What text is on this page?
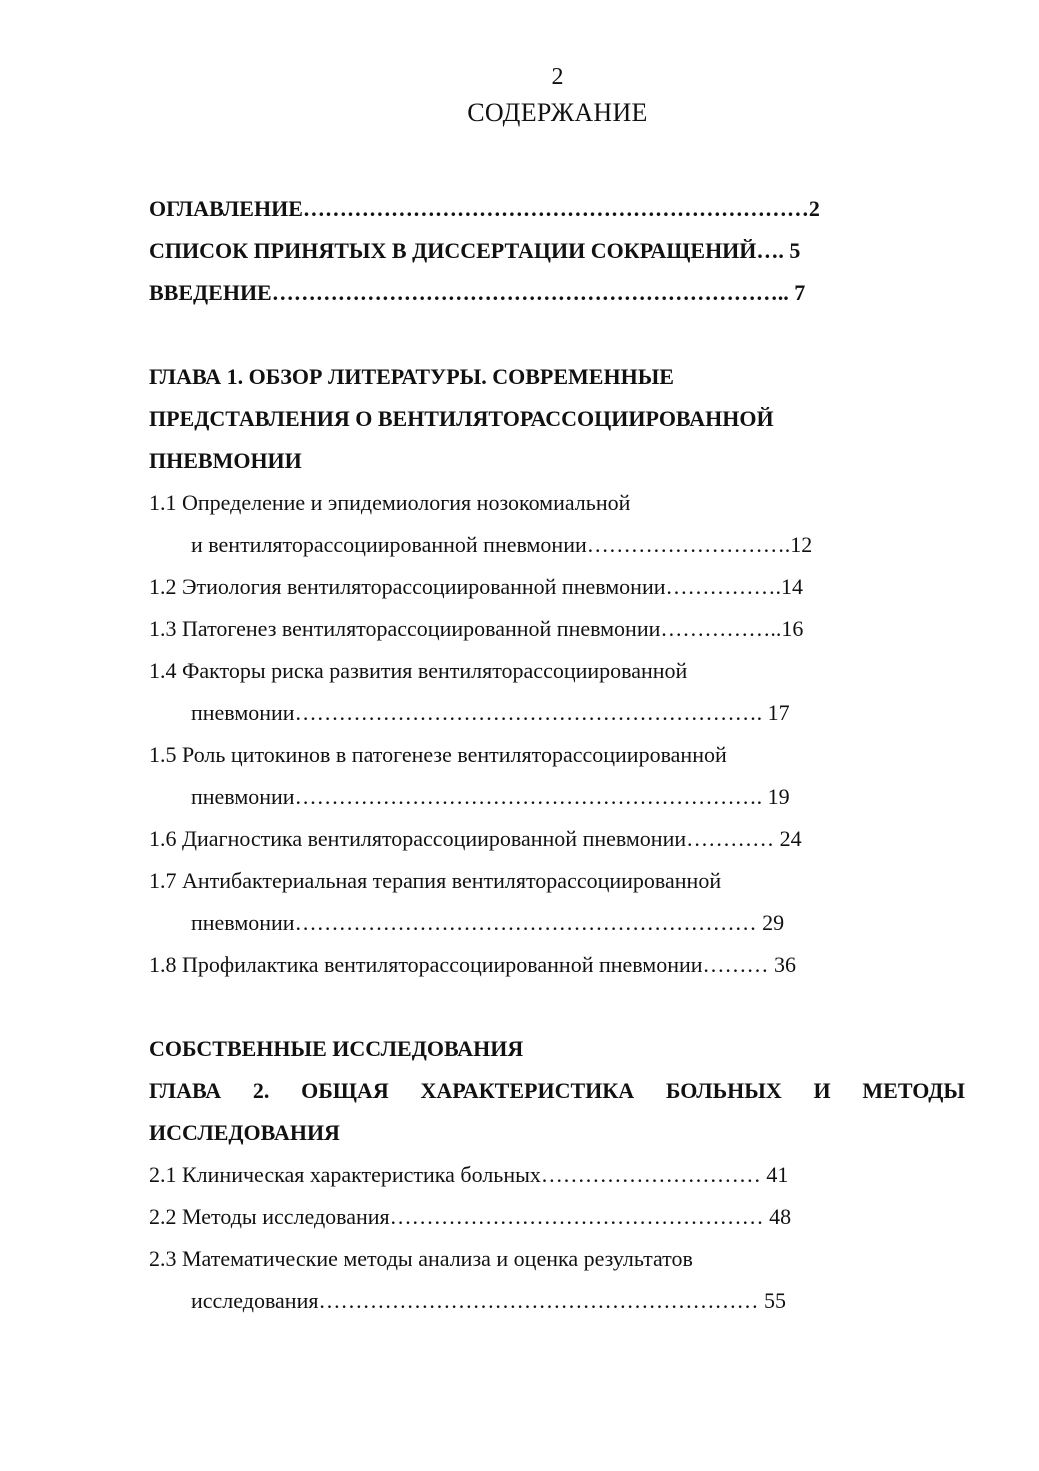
2
СОДЕРЖАНИЕ
ОГЛАВЛЕНИЕ……………………………………………………………2
СПИСОК ПРИНЯТЫХ В ДИССЕРТАЦИИ СОКРАЩЕНИЙ…. 5
ВВЕДЕНИЕ…………………………………………………………….. 7
ГЛАВА 1. ОБЗОР ЛИТЕРАТУРЫ. СОВРЕМЕННЫЕ
ПРЕДСТАВЛЕНИЯ О ВЕНТИЛЯТОРАССОЦИИРОВАННОЙ
ПНЕВМОНИИ
1.1 Определение и эпидемиология нозокомиальной
и вентиляторассоциированной пневмонии……………………….12
1.2 Этиология вентиляторассоциированной пневмонии…………….14
1.3 Патогенез вентиляторассоциированной пневмонии……………..16
1.4 Факторы риска развития вентиляторассоциированной
пневмонии………………………………………………………. 17
1.5 Роль цитокинов в патогенезе вентиляторассоциированной
пневмонии………………………………………………………. 19
1.6 Диагностика вентиляторассоциированной пневмонии………… 24
1.7 Антибактериальная терапия вентиляторассоциированной
пневмонии……………………………………………………… 29
1.8 Профилактика вентиляторассоциированной пневмонии……… 36
СОБСТВЕННЫЕ ИССЛЕДОВАНИЯ
ГЛАВА 2. ОБЩАЯ ХАРАКТЕРИСТИКА БОЛЬНЫХ И МЕТОДЫ
ИССЛЕДОВАНИЯ
2.1 Клиническая характеристика больных………………………… 41
2.2 Методы исследования…………………………………………… 48
2.3 Математические методы анализа и оценка результатов
исследования…………………………………………………… 55
